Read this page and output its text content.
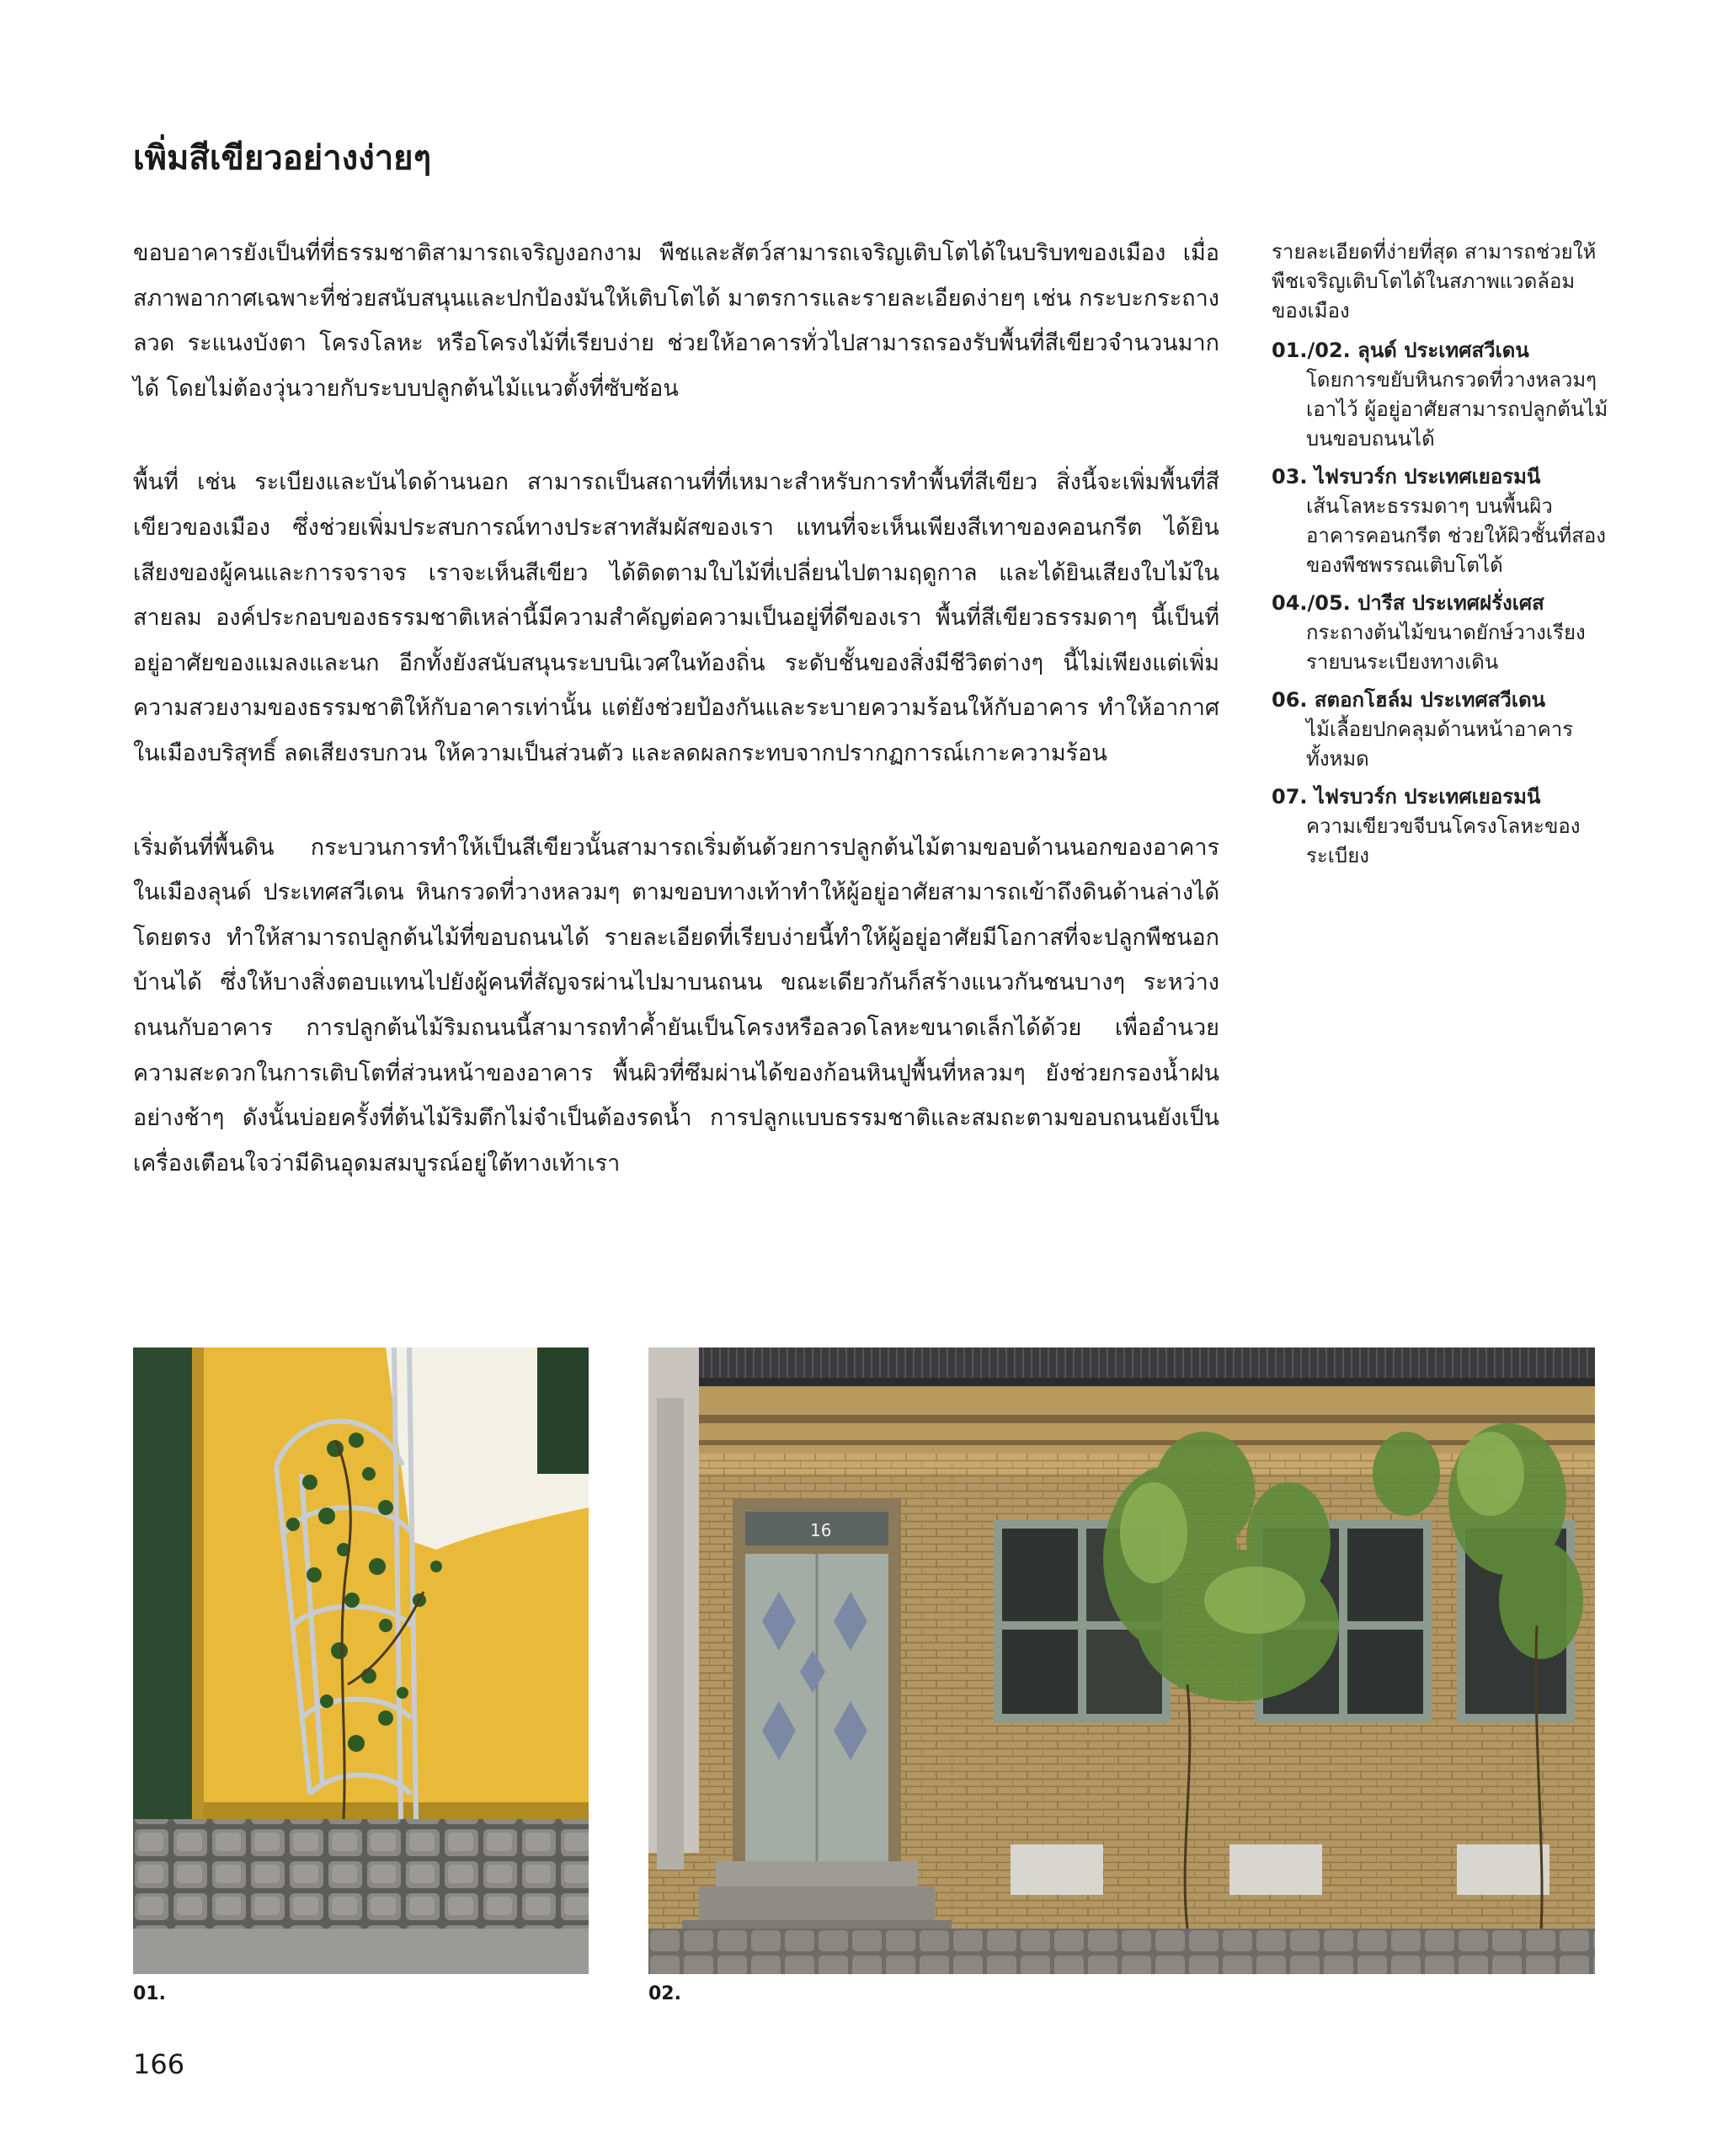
เพิ่มสีเขียวอย่างง่ายๆ

ขอบอาคารยังเป็นที่ที่ธรรมชาติสามารถเจริญงอกงาม พืชและสัตว์สามารถเจริญเติบโตได้ในบริบทของเมือง เมื่อสภาพอากาศเฉพาะที่ช่วยสนับสนุนและปกป้องมันให้เติบโตได้ มาตรการและรายละเอียดง่ายๆ เช่น กระบะกระถาง ลวด ระแนงบังตา โครงโลหะ หรือโครงไม้ที่เรียบง่าย ช่วยให้อาคารทั่วไปสามารถรองรับพื้นที่สีเขียวจำนวนมากได้ โดยไม่ต้องวุ่นวายกับระบบปลูกต้นไม้แนวตั้งที่ซับซ้อน

พื้นที่ เช่น ระเบียงและบันไดด้านนอก สามารถเป็นสถานที่ที่เหมาะสำหรับการทำพื้นที่สีเขียว สิ่งนี้จะเพิ่มพื้นที่สีเขียวของเมือง ซึ่งช่วยเพิ่มประสบการณ์ทางประสาทสัมผัสของเรา แทนที่จะเห็นเพียงสีเทาของคอนกรีต ได้ยินเสียงของผู้คนและการจราจร เราจะเห็นสีเขียว ได้ติดตามใบไม้ที่เปลี่ยนไปตามฤดูกาล และได้ยินเสียงใบไม้ในสายลม องค์ประกอบของธรรมชาติเหล่านี้มีความสำคัญต่อความเป็นอยู่ที่ดีของเรา พื้นที่สีเขียวธรรมดาๆ นี้เป็นที่อยู่อาศัยของแมลงและนก อีกทั้งยังสนับสนุนระบบนิเวศในท้องถิ่น ระดับชั้นของสิ่งมีชีวิตต่างๆ นี้ไม่เพียงแต่เพิ่มความสวยงามของธรรมชาติให้กับอาคารเท่านั้น แต่ยังช่วยป้องกันและระบายความร้อนให้กับอาคาร ทำให้อากาศในเมืองบริสุทธิ์ ลดเสียงรบกวน ให้ความเป็นส่วนตัว และลดผลกระทบจากปรากฏการณ์เกาะความร้อน

เริ่มต้นที่พื้นดิน กระบวนการทำให้เป็นสีเขียวนั้นสามารถเริ่มต้นด้วยการปลูกต้นไม้ตามขอบด้านนอกของอาคาร ในเมืองลุนด์ ประเทศสวีเดน หินกรวดที่วางหลวมๆ ตามขอบทางเท้าทำให้ผู้อยู่อาศัยสามารถเข้าถึงดินด้านล่างได้โดยตรง ทำให้สามารถปลูกต้นไม้ที่ขอบถนนได้ รายละเอียดที่เรียบง่ายนี้ทำให้ผู้อยู่อาศัยมีโอกาสที่จะปลูกพืชนอกบ้านได้ ซึ่งให้บางสิ่งตอบแทนไปยังผู้คนที่สัญจรผ่านไปมาบนถนน ขณะเดียวกันก็สร้างแนวกันชนบางๆ ระหว่างถนนกับอาคาร การปลูกต้นไม้ริมถนนนี้สามารถทำค้ำยันเป็นโครงหรือลวดโลหะขนาดเล็กได้ด้วย เพื่ออำนวยความสะดวกในการเติบโตที่ส่วนหน้าของอาคาร พื้นผิวที่ซึมผ่านได้ของก้อนหินปูพื้นที่หลวมๆ ยังช่วยกรองน้ำฝนอย่างช้าๆ ดังนั้นบ่อยครั้งที่ต้นไม้ริมตึกไม่จำเป็นต้องรดน้ำ การปลูกแบบธรรมชาติและสมถะตามขอบถนนยังเป็นเครื่องเตือนใจว่ามีดินอุดมสมบูรณ์อยู่ใต้ทางเท้าเรา

รายละเอียดที่ง่ายที่สุด สามารถช่วยให้พืชเจริญเติบโตได้ในสภาพแวดล้อมของเมือง
01./02. ลุนด์ ประเทศสวีเดน
โดยการขยับหินกรวดที่วางหลวมๆ เอาไว้ ผู้อยู่อาศัยสามารถปลูกต้นไม้บนขอบถนนได้
03. ไฟรบวร์ก ประเทศเยอรมนี
เส้นโลหะธรรมดาๆ บนพื้นผิวอาคารคอนกรีต ช่วยให้ผิวชั้นที่สองของพืชพรรณเติบโตได้
04./05. ปารีส ประเทศฝรั่งเศส
กระถางต้นไม้ขนาดยักษ์วางเรียงรายบนระเบียงทางเดิน
06. สตอกโฮล์ม ประเทศสวีเดน
ไม้เลื้อยปกคลุมด้านหน้าอาคารทั้งหมด
07. ไฟรบวร์ก ประเทศเยอรมนี
ความเขียวขจีบนโครงโลหะของระเบียง
16
01.	02.
166
